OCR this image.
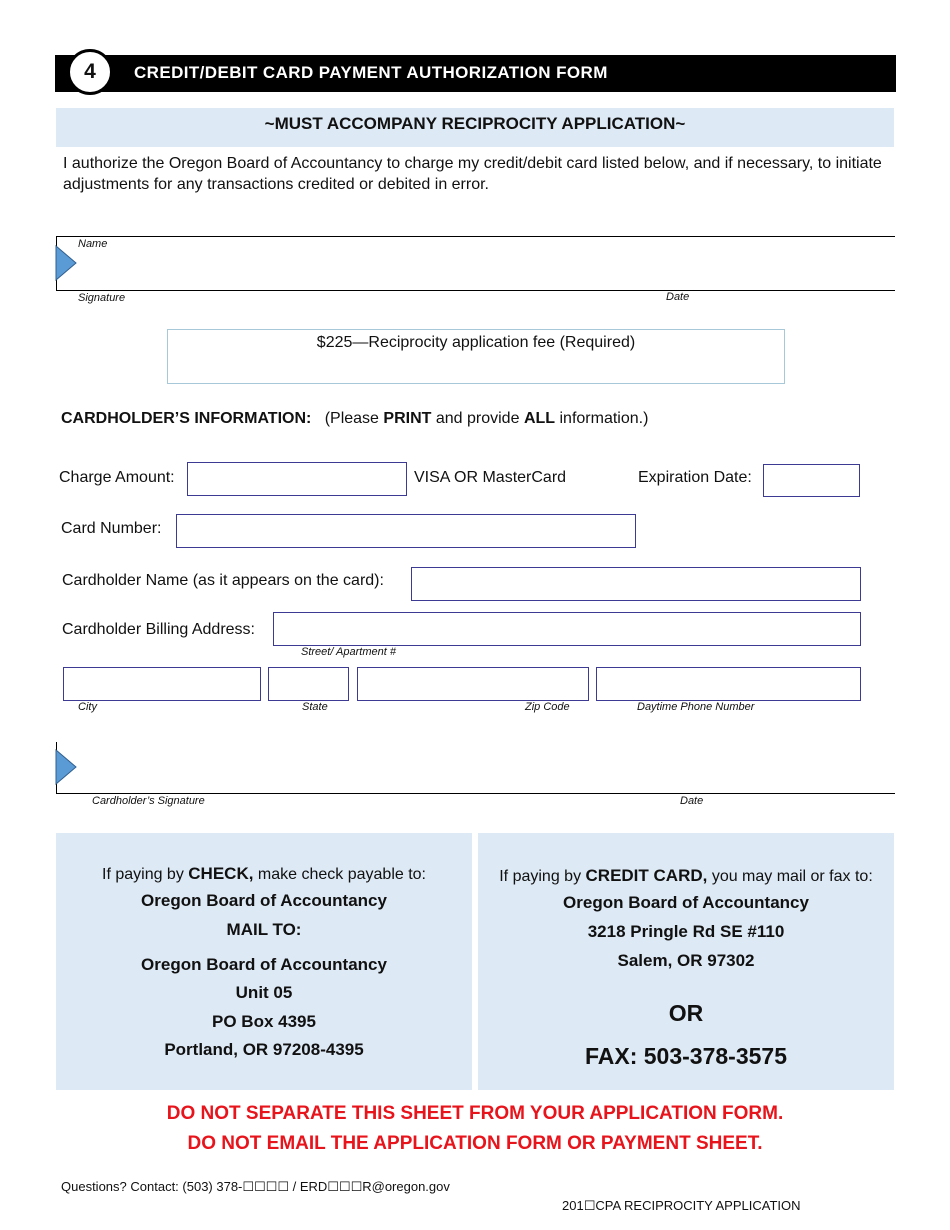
CREDIT/DEBIT CARD PAYMENT AUTHORIZATION FORM
4
~MUST ACCOMPANY RECIPROCITY APPLICATION~
I authorize the Oregon Board of Accountancy to charge my credit/debit card listed below, and if necessary, to initiate adjustments for any transactions credited or debited in error.
Name
Signature	Date
$225—Reciprocity application fee (Required)
CARDHOLDER’S INFORMATION: (Please PRINT and provide ALL information.)
Charge Amount:	VISA OR MasterCard	Expiration Date:
Card Number:
Cardholder Name (as it appears on the card):
Cardholder Billing Address:
Street/ Apartment #
City	State	Zip Code	Daytime Phone Number
Cardholder’s Signature	Date
If paying by CHECK, make check payable to:
Oregon Board of Accountancy
MAIL TO:
Oregon Board of Accountancy
Unit 05
PO Box 4395
Portland, OR 97208-4395
If paying by CREDIT CARD, you may mail or fax to:
Oregon Board of Accountancy
3218 Pringle Rd SE #110
Salem, OR 97302
OR
FAX: 503-378-3575
DO NOT SEPARATE THIS SHEET FROM YOUR APPLICATION FORM.
DO NOT EMAIL THE APPLICATION FORM OR PAYMENT SHEET.
Questions? Contact: (503) 378-☐☐☐☐ / ERD☐☐☐R@oregon.gov
201☐CPA RECIPROCITY APPLICATION
